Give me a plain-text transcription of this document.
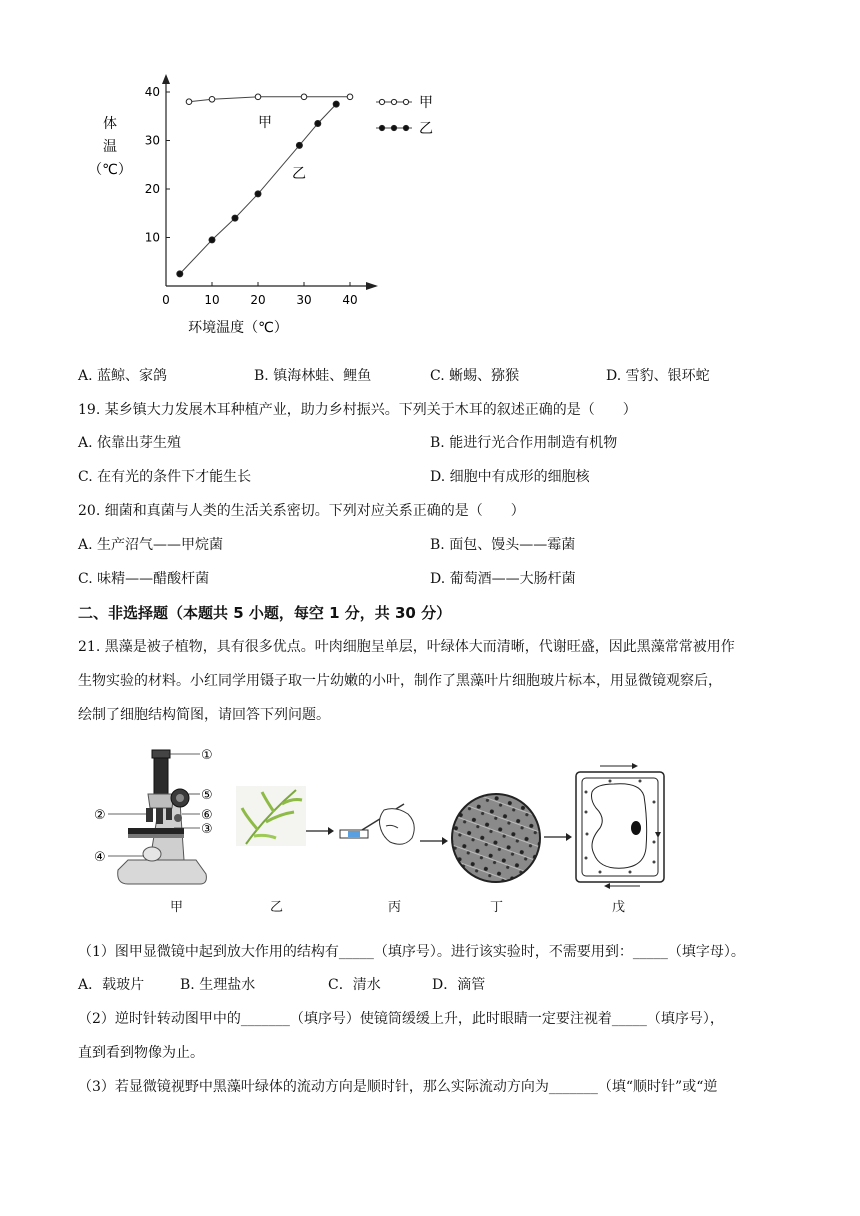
0	10	20	30	40
10
20
30
40
体
温
（℃）
环境温度（℃）
甲
乙
甲
乙
A. 蓝鲸、家鸽	B. 镇海林蛙、鲤鱼	C. 蜥蜴、猕猴	D. 雪豹、银环蛇
19. 某乡镇大力发展木耳种植产业，助力乡村振兴。下列关于木耳的叙述正确的是（　　）
A. 依靠出芽生殖	B. 能进行光合作用制造有机物
C. 在有光的条件下才能生长	D. 细胞中有成形的细胞核
20. 细菌和真菌与人类的生活关系密切。下列对应关系正确的是（　　）
A. 生产沼气——甲烷菌	B. 面包、馒头——霉菌
C. 味精——醋酸杆菌	D. 葡萄酒——大肠杆菌
二、非选择题（本题共 5 小题，每空 1 分，共 30 分）
21. 黑藻是被子植物，具有很多优点。叶肉细胞呈单层，叶绿体大而清晰，代谢旺盛，因此黑藻常常被用作
生物实验的材料。小红同学用镊子取一片幼嫩的小叶，制作了黑藻叶片细胞玻片标本，用显微镜观察后，
绘制了细胞结构简图，请回答下列问题。
①
⑤
⑥
③
②
④
甲	乙	丙	丁	戊
（1）图甲显微镜中起到放大作用的结构有_____（填序号）。进行该实验时，不需要用到：_____（填字母）。
A．载玻片	B. 生理盐水	C．清水	D．滴管
（2）逆时针转动图甲中的_______（填序号）使镜筒缓缓上升，此时眼睛一定要注视着_____（填序号），
直到看到物像为止。
（3）若显微镜视野中黑藻叶绿体的流动方向是顺时针，那么实际流动方向为_______（填“顺时针”或“逆
